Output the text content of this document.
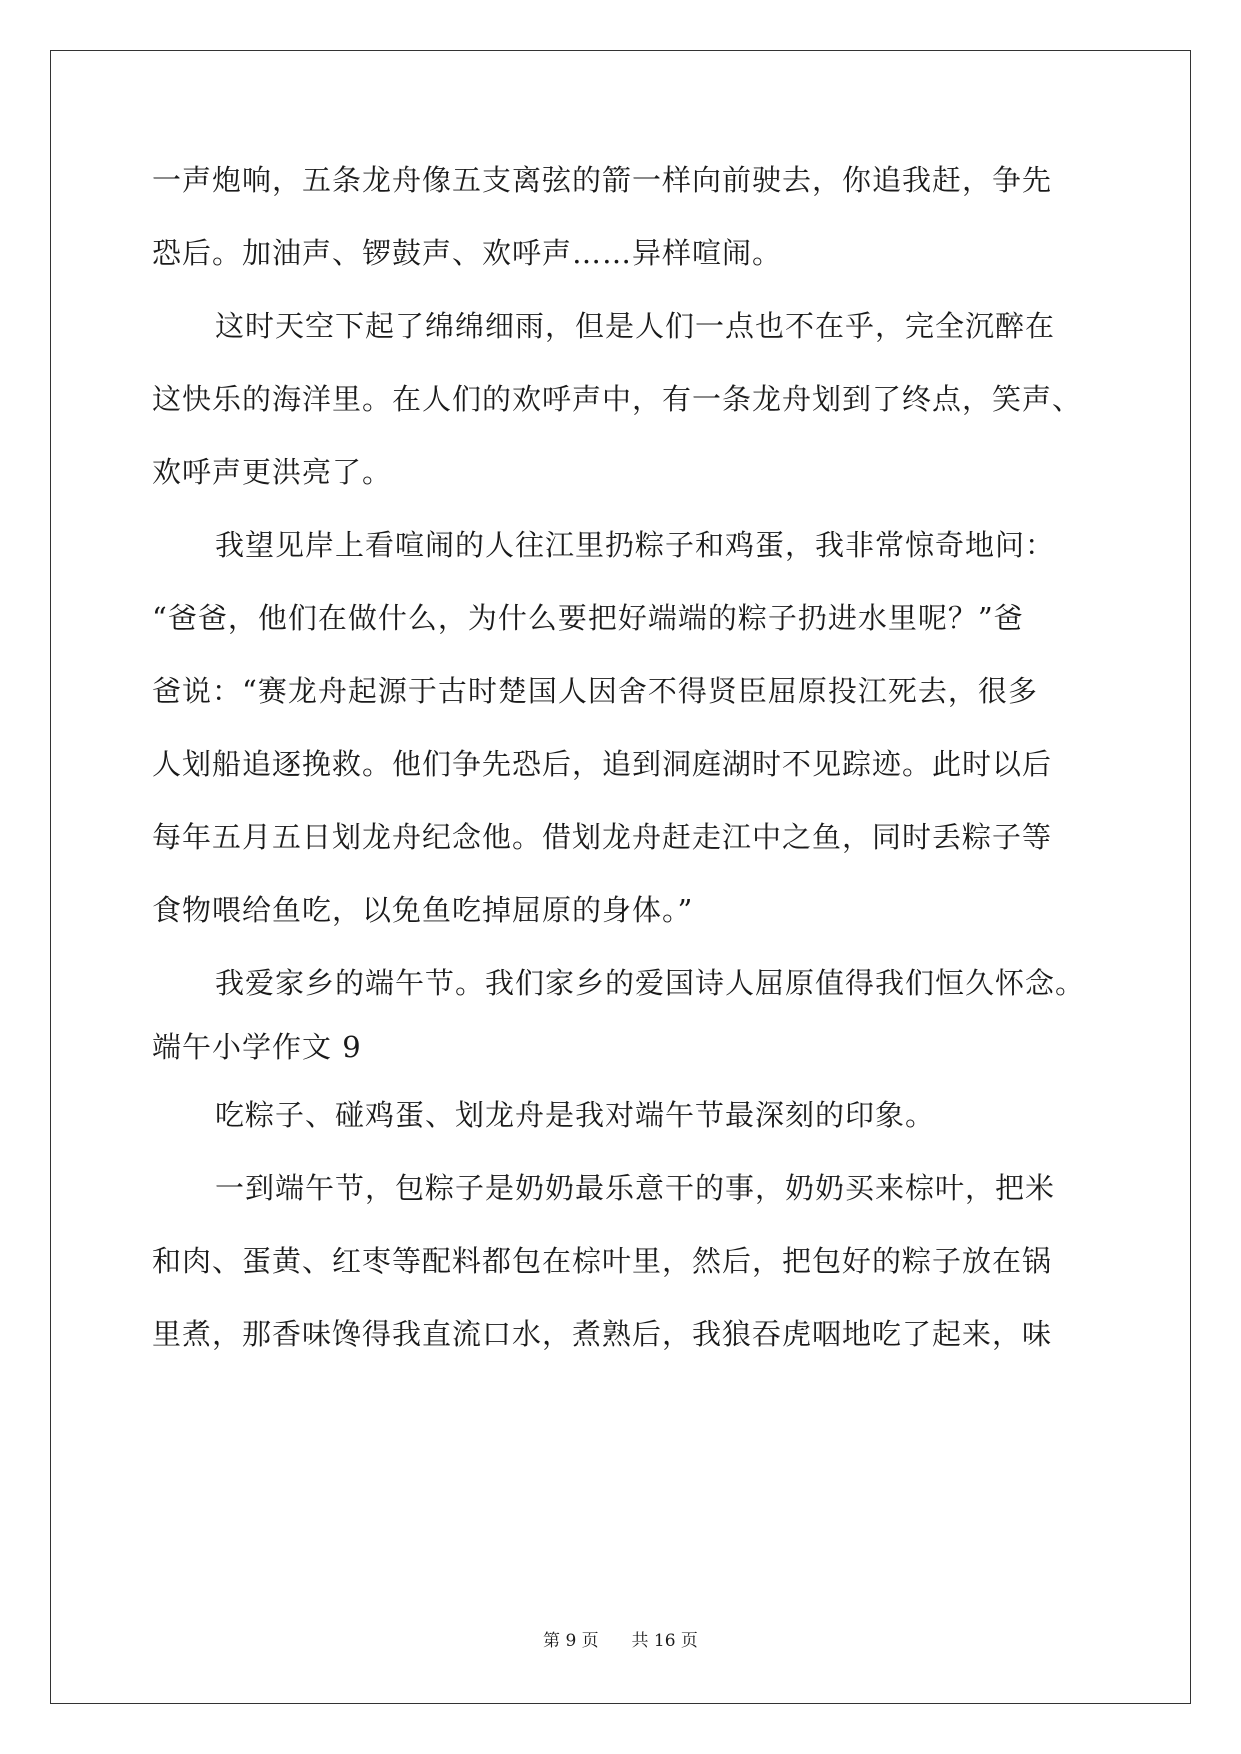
一声炮响，五条龙舟像五支离弦的箭一样向前驶去，你追我赶，争先
恐后。加油声、锣鼓声、欢呼声……异样喧闹。
这时天空下起了绵绵细雨，但是人们一点也不在乎，完全沉醉在
这快乐的海洋里。在人们的欢呼声中，有一条龙舟划到了终点，笑声、
欢呼声更洪亮了。
我望见岸上看喧闹的人往江里扔粽子和鸡蛋，我非常惊奇地问：
“爸爸，他们在做什么，为什么要把好端端的粽子扔进水里呢？”爸
爸说：“赛龙舟起源于古时楚国人因舍不得贤臣屈原投江死去，很多
人划船追逐挽救。他们争先恐后，追到洞庭湖时不见踪迹。此时以后
每年五月五日划龙舟纪念他。借划龙舟赶走江中之鱼，同时丢粽子等
食物喂给鱼吃，以免鱼吃掉屈原的身体。”
我爱家乡的端午节。我们家乡的爱国诗人屈原值得我们恒久怀念。
端午小学作文 9
吃粽子、碰鸡蛋、划龙舟是我对端午节最深刻的印象。
一到端午节，包粽子是奶奶最乐意干的事，奶奶买来棕叶，把米
和肉、蛋黄、红枣等配料都包在棕叶里，然后，把包好的粽子放在锅
里煮，那香味馋得我直流口水，煮熟后，我狼吞虎咽地吃了起来，味
第 9 页 共 16 页
